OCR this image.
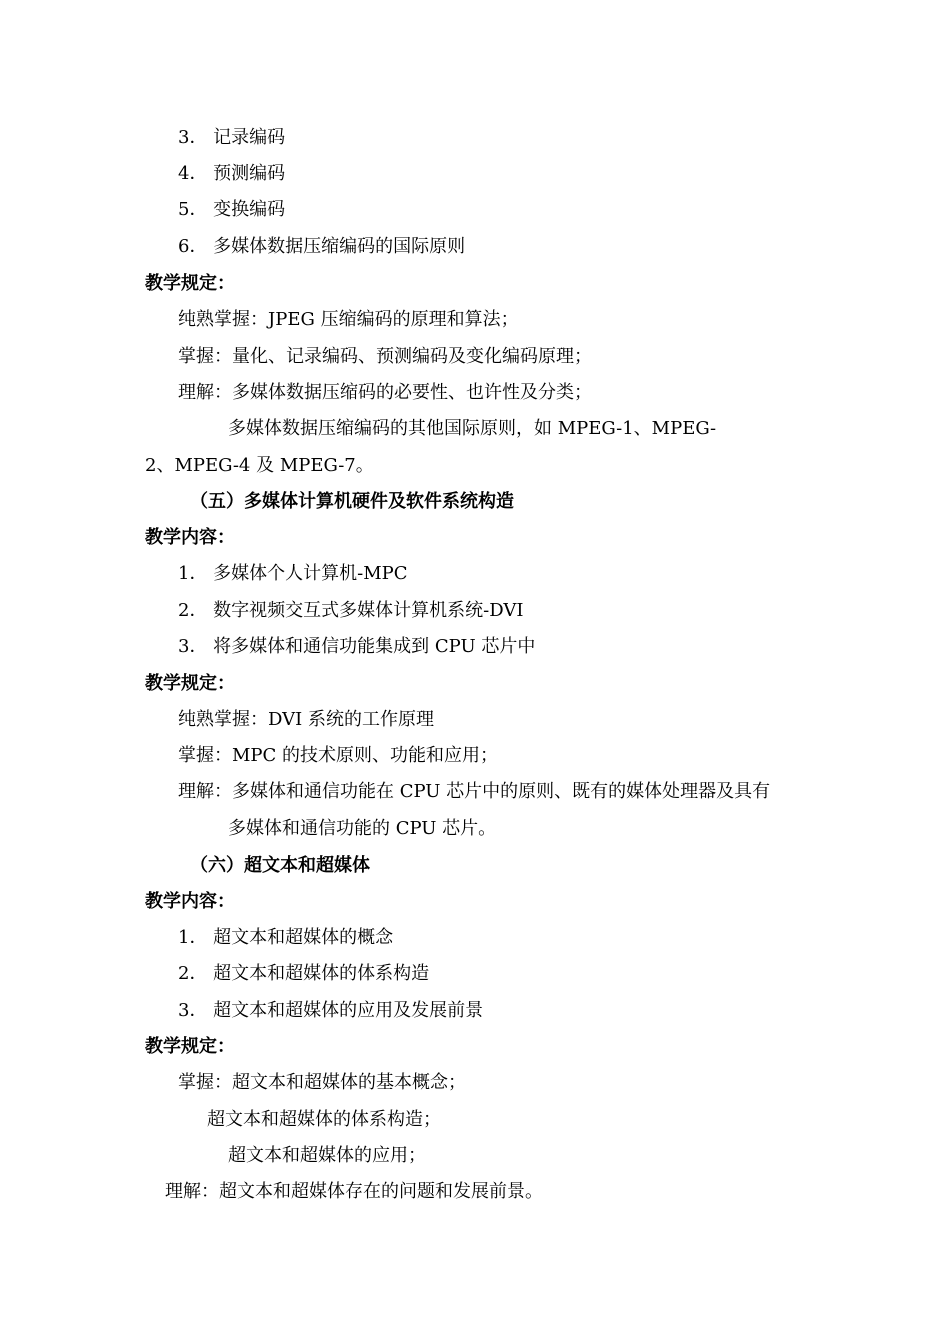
3． 记录编码
4． 预测编码
5． 变换编码
6． 多媒体数据压缩编码的国际原则
教学规定：
纯熟掌握：JPEG 压缩编码的原理和算法；
掌握：量化、记录编码、预测编码及变化编码原理；
理解：多媒体数据压缩码的必要性、也许性及分类；
多媒体数据压缩编码的其他国际原则，如 MPEG-1、MPEG-
2、MPEG-4 及 MPEG-7。
（五）多媒体计算机硬件及软件系统构造
教学内容：
1． 多媒体个人计算机-MPC
2． 数字视频交互式多媒体计算机系统-DVI
3． 将多媒体和通信功能集成到 CPU 芯片中
教学规定：
纯熟掌握：DVI 系统的工作原理
掌握：MPC 的技术原则、功能和应用；
理解：多媒体和通信功能在 CPU 芯片中的原则、既有的媒体处理器及具有
多媒体和通信功能的 CPU 芯片。
（六）超文本和超媒体
教学内容：
1． 超文本和超媒体的概念
2． 超文本和超媒体的体系构造
3． 超文本和超媒体的应用及发展前景
教学规定：
掌握：超文本和超媒体的基本概念；
超文本和超媒体的体系构造；
超文本和超媒体的应用；
理解：超文本和超媒体存在的问题和发展前景。
